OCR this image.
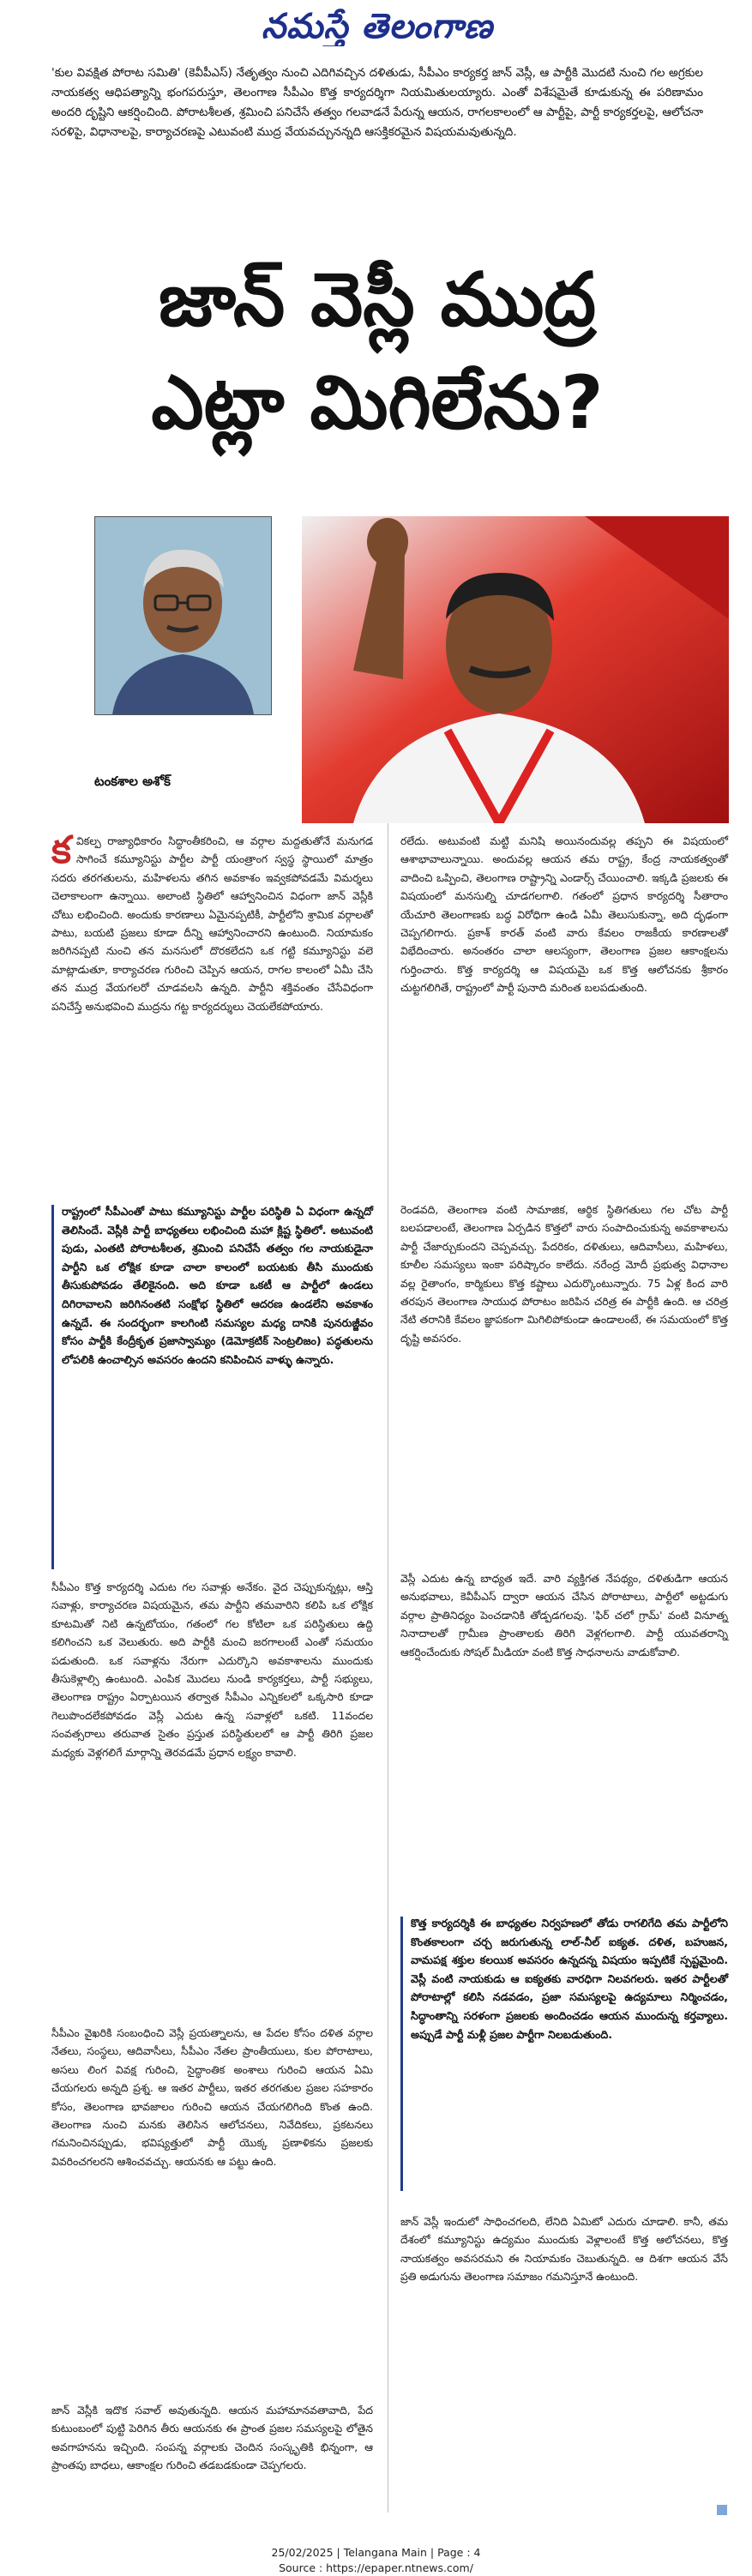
నమస్తే తెలంగాణ
'కుల వివక్షిత పోరాట సమితి' (కెవీపీఎస్) నేతృత్వం నుంచి ఎదిగివచ్చిన దళితుడు, సీపీఎం కార్యకర్త జాన్ వెస్లీ, ఆ పార్టీకి మొదటి నుంచి గల అగ్రకుల నాయకత్వ ఆధిపత్యాన్ని భంగపరుస్తూ, తెలంగాణ సీపీఎం కొత్త కార్యదర్శిగా నియమితులయ్యారు. ఎంతో విశేషమైతే కూడుకున్న ఈ పరిణామం అందరి దృష్టిని ఆకర్షించింది. పోరాటశీలత, శ్రమించి పనిచేసే తత్వం గలవాడనే పేరున్న ఆయన, రాగలకాలంలో ఆ పార్టీపై, పార్టీ కార్యకర్తలపై, ఆలోచనా సరళిపై, విధానాలపై, కార్యాచరణపై ఎటువంటి ముద్ర వేయవచ్చునన్నది ఆసక్తికరమైన విషయమవుతున్నది.
జాన్ వెస్లీ ముద్ర
ఎట్లా మిగిలేను?
టంకశాల అశోక్

కవికల్ప రాజ్యాధికారం సిద్ధాంతీకరించి, ఆ వర్గాల మద్దతుతోనే మనుగడ సాగించే కమ్యూనిస్టు పార్టీల పార్టీ యంత్రాంగ స్వస్థ స్థాయిలో మాత్రం సదరు తరగతులను, మహిళలను తగిన అవకాశం ఇవ్వకపోవడమే విమర్శలు చెలాకాలంగా ఉన్నాయి. అలాంటి స్థితిలో ఆహ్వానించిన విధంగా జాన్ వెస్లీకి చోటు లభించింది. అందుకు కారణాలు ఏమైనప్పటికీ, పార్టీలోని శ్రామిక వర్గాలతో పాటు, బయటి ప్రజలు కూడా దీన్ని ఆహ్వానించారని ఉంటుంది. నియామకం జరిగినప్పటి నుంచి తన మనసులో దొరకలేదని ఒక గట్టి కమ్యూనిస్టు వలె మాట్లాడుతూ, కార్యాచరణ గురించి చెప్పిన ఆయన, రాగల కాలంలో ఏమీ చేసి తన ముద్ర వేయగలరో చూడవలసి ఉన్నది. పార్టీని శక్తివంతం చేసేవిధంగా పనిచేస్తే అనుభవించి ముద్రను గట్ట కార్యదర్శులు చెయలేకపోయారు.

రాష్ట్రంలో సీపీఎంతో పాటు కమ్యూనిస్టు పార్టీల పరిస్థితి ఏ విధంగా ఉన్నదో తెలిసిందే. వెస్లీకి పార్టీ బాధ్యతలు లభించింది మహా క్లిష్ట స్థితిలో. అటువంటి పుడు, ఎంతటి పోరాటశీలత, శ్రమించి పనిచేసే తత్వం గల నాయకుడైనా పార్టీని ఒక లోక్షిక కూడా చాలా కాలంలో బయటకు తీసి ముందుకు తీసుకుపోవడం తేలికైనంది. అది కూడా ఒకటీ ఆ పార్టీలో ఉండలు దిగిరావాలని జరిగినంతటి సంక్షోభ స్థితిలో ఆదరణ ఉండలేని అవకాశం ఉన్నదే. ఈ సందర్భంగా కాలగింటి సమస్యల మధ్య దానికి పునరుజ్జీవం కోసం పార్టీకి కేంద్రీకృత ప్రజాస్వామ్యం (డెమోక్రటిక్ సెంట్రలిజం) పద్ధతులను లోపలికి ఉంచాల్సిన అవసరం ఉందని కనిపించిన వాళ్ళు ఉన్నారు.
సీపీఎం కొత్త కార్యదర్శి ఎదుట గల సవాళ్లు అనేకం. వైద చెప్పుకున్నట్లు, ఆస్తి సవాళ్లు, కార్యాచరణ విషయమైన, తమ పార్టీని తమవారిని కలిపి ఒక లోక్షిక కూటమితో నిటి ఉన్నటోయం, గతంలో గల కోటిలా ఒక పరిస్థితులు ఉద్ది కలిగించని ఒక వెలుతురు. అది పార్టీకి మంచి జరగాలంటే ఎంతో సమయం పడుతుంది. ఒక సవాళ్లను నేరుగా ఎదుర్కొని అవకాశాలను ముందుకు తీసుకెళ్లాల్సి ఉంటుంది. ఎంపిక మొదలు నుండి కార్యకర్తలు, పార్టీ సభ్యులు, తెలంగాణ రాష్ట్రం ఏర్పాటయిన తర్వాత సీపీఎం ఎన్నికలలో ఒక్కసారి కూడా గెలుపొందలేకపోవడం వెస్లీ ఎదుట ఉన్న సవాళ్లలో ఒకటి. 11వందల సంవత్సరాలు తరువాత సైతం ప్రస్తుత పరిస్థితులలో ఆ పార్టీ తిరిగి ప్రజల మధ్యకు వెళ్లగలిగే మార్గాన్ని తెరవడమే ప్రధాన లక్ష్యం కావాలి.
సీపీఎం వైఖరికి సంబంధించి వెస్లీ ప్రయత్నాలను, ఆ పేదల కోసం దళిత వర్గాల నేతలు, సంస్థలు, ఆదివాసీలు, సీపీఎం నేతల ప్రాంతీయులు, కుల పోరాటాలు, అసలు లింగ వివక్ష గురించి, సైద్ధాంతిక అంశాలు గురించి ఆయన ఏమి చేయగలరు అన్నది ప్రశ్న. ఆ ఇతర పార్టీలు, ఇతర తరగతుల ప్రజల సహకారం కోసం, తెలంగాణ భావజాలం గురించి ఆయన చేయగలిగింది కొంత ఉంది. తెలంగాణ నుంచి మనకు తెలిసిన ఆలోచనలు, నివేదికలు, ప్రకటనలు గమనించినప్పుడు, భవిష్యత్తులో పార్టీ యొక్క ప్రణాళికను ప్రజలకు వివరించగలరని ఆశించవచ్చు. ఆయనకు ఆ పట్టు ఉంది.
జాన్ వెస్లీకి ఇదొక సవాల్ అవుతున్నది. ఆయన మహామానవతావాది, పేద కుటుంబంలో పుట్టి పెరిగిన తీరు ఆయనకు ఈ ప్రాంత ప్రజల సమస్యలపై లోతైన అవగాహనను ఇచ్చింది. సంపన్న వర్గాలకు చెందిన సంస్కృతికి భిన్నంగా, ఆ ప్రాంతపు బాధలు, ఆకాంక్షల గురించి తడబడకుండా చెప్పగలరు.
రలేదు. అటువంటి మట్టి మనిషి అయినందువల్ల తప్పని ఈ విషయంలో ఆశాభావాలున్నాయి. అందువల్ల ఆయన తమ రాష్ట్ర, కేంద్ర నాయకత్వంతో వాదించి ఒప్పించి, తెలంగాణ రాష్ట్రాన్ని ఎండార్స్ చేయించాలి. ఇక్కడి ప్రజలకు ఈ విషయంలో మనసుల్ని చూడగలగాలి. గతంలో ప్రధాన కార్యదర్శి సీతారాం యేచూరి తెలంగాణకు బద్ధ విరోధిగా ఉండి ఏమీ తెలుసుకున్నా, అది దృఢంగా చెప్పగలిగారు. ప్రకాశ్ కారత్ వంటి వారు కేవలం రాజకీయ కారణాలతో విభేదించారు. అనంతరం చాలా ఆలస్యంగా, తెలంగాణ ప్రజల ఆకాంక్షలను గుర్తించారు. కొత్త కార్యదర్శి ఆ విషయమై ఒక కొత్త ఆలోచనకు శ్రీకారం చుట్టగలిగితే, రాష్ట్రంలో పార్టీ పునాది మరింత బలపడుతుంది.
రెండవది, తెలంగాణ వంటి సామాజిక, ఆర్థిక స్థితిగతులు గల చోట పార్టీ బలపడాలంటే, తెలంగాణ ఏర్పడిన కొత్తలో వారు సంపాదించుకున్న అవకాశాలను పార్టీ చేజార్చుకుందని చెప్పవచ్చు. పేదరికం, దళితులు, ఆదివాసీలు, మహిళలు, కూలీల సమస్యలు ఇంకా పరిష్కారం కాలేదు. నరేంద్ర మోదీ ప్రభుత్వ విధానాల వల్ల రైతాంగం, కార్మికులు కొత్త కష్టాలు ఎదుర్కొంటున్నారు. 75 ఏళ్ల కింద వారి తరపున తెలంగాణ సాయుధ పోరాటం జరిపిన చరిత్ర ఈ పార్టీకి ఉంది. ఆ చరిత్ర నేటి తరానికి కేవలం జ్ఞాపకంగా మిగిలిపోకుండా ఉండాలంటే, ఈ సమయంలో కొత్త దృష్టి అవసరం.
వెస్లీ ఎదుట ఉన్న బాధ్యత ఇదే. వారి వ్యక్తిగత నేపథ్యం, దళితుడిగా ఆయన అనుభవాలు, కెవీపీఎస్ ద్వారా ఆయన చేసిన పోరాటాలు, పార్టీలో అట్టడుగు వర్గాల ప్రాతినిధ్యం పెంచడానికి తోడ్పడగలవు. 'ఫిర్ చలో గ్రామ్' వంటి వినూత్న నినాదాలతో గ్రామీణ ప్రాంతాలకు తిరిగి వెళ్లగలగాలి. పార్టీ యువతరాన్ని ఆకర్షించేందుకు సోషల్ మీడియా వంటి కొత్త సాధనాలను వాడుకోవాలి.
కొత్త కార్యదర్శికి ఈ బాధ్యతల నిర్వహణలో తోడు రాగలిగేది తమ పార్టీలోని కొంతకాలంగా చర్చ జరుగుతున్న లాల్-నీల్ ఐక్యత. దళిత, బహుజన, వామపక్ష శక్తుల కలయిక అవసరం ఉన్నదన్న విషయం ఇప్పటికే స్పష్టమైంది. వెస్లీ వంటి నాయకుడు ఆ ఐక్యతకు వారధిగా నిలవగలరు. ఇతర పార్టీలతో పోరాటాల్లో కలిసి నడవడం, ప్రజా సమస్యలపై ఉద్యమాలు నిర్మించడం, సిద్ధాంతాన్ని సరళంగా ప్రజలకు అందించడం ఆయన ముందున్న కర్తవ్యాలు. అప్పుడే పార్టీ మళ్లీ ప్రజల పార్టీగా నిలబడుతుంది.
జాన్ వెస్లీ ఇందులో సాధించగలది, లేనిది ఏమిటో ఎదురు చూడాలి. కానీ, తమ దేశంలో కమ్యూనిస్టు ఉద్యమం ముందుకు వెళ్లాలంటే కొత్త ఆలోచనలు, కొత్త నాయకత్వం అవసరమని ఈ నియామకం చెబుతున్నది. ఆ దిశగా ఆయన వేసే ప్రతి అడుగును తెలంగాణ సమాజం గమనిస్తూనే ఉంటుంది.
25/02/2025 | Telangana Main | Page : 4
Source : https://epaper.ntnews.com/
